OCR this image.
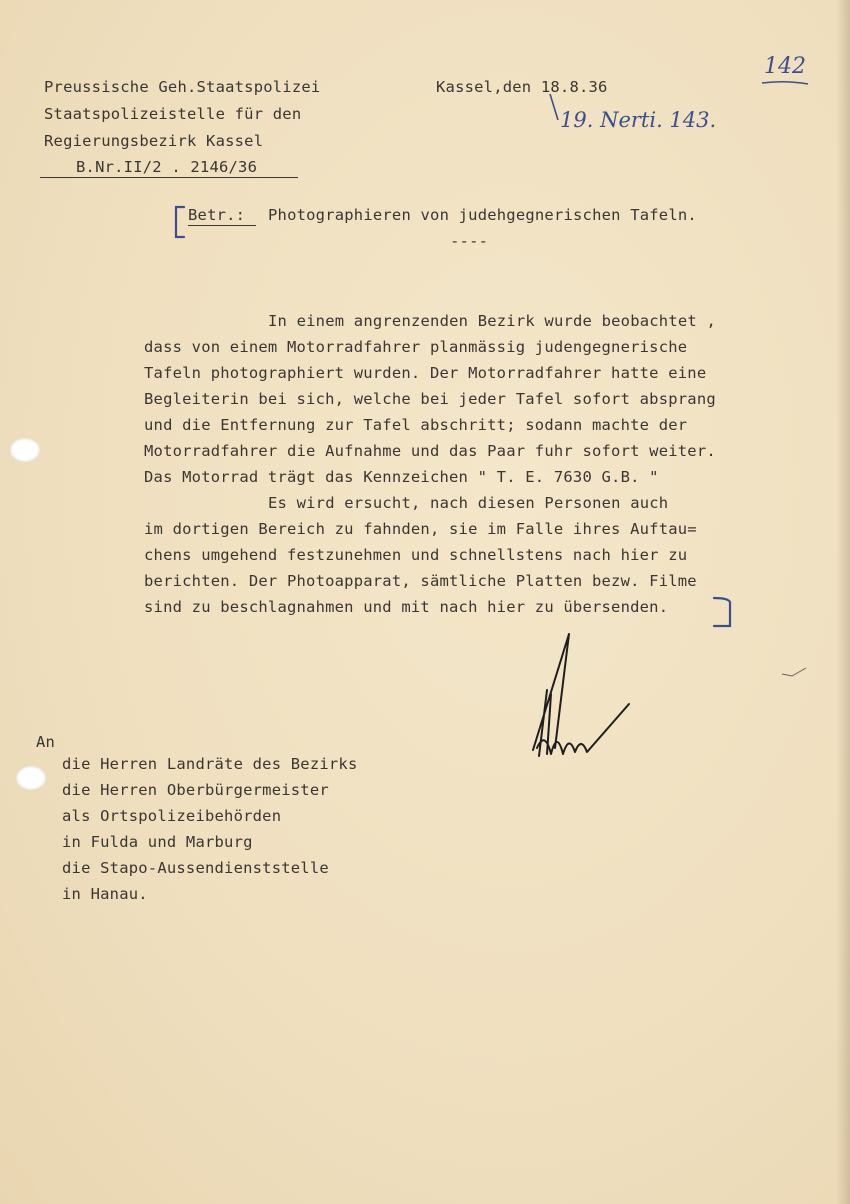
Preussische Geh.Staatspolizei
Staatspolizeistelle für den
Regierungsbezirk Kassel
B.Nr.II/2 . 2146/36
Kassel,den 18.8.36
142
19. Nerti. 143.
Betr.: Photographieren von judehgegnerischen Tafeln.
----
In einem angrenzenden Bezirk wurde beobachtet ,
dass von einem Motorradfahrer planmässig judengegnerische
Tafeln photographiert wurden. Der Motorradfahrer hatte eine
Begleiterin bei sich, welche bei jeder Tafel sofort absprang
und die Entfernung zur Tafel abschritt; sodann machte der
Motorradfahrer die Aufnahme und das Paar fuhr sofort weiter.
Das Motorrad trägt das Kennzeichen " T. E. 7630 G.B. "
Es wird ersucht, nach diesen Personen auch
im dortigen Bereich zu fahnden, sie im Falle ihres Auftau=
chens umgehend festzunehmen und schnellstens nach hier zu
berichten. Der Photoapparat, sämtliche Platten bezw. Filme
sind zu beschlagnahmen und mit nach hier zu übersenden.
An
die Herren Landräte des Bezirks
die Herren Oberbürgermeister
als Ortspolizeibehörden
in Fulda und Marburg
die Stapo-Aussendienststelle
in Hanau.
